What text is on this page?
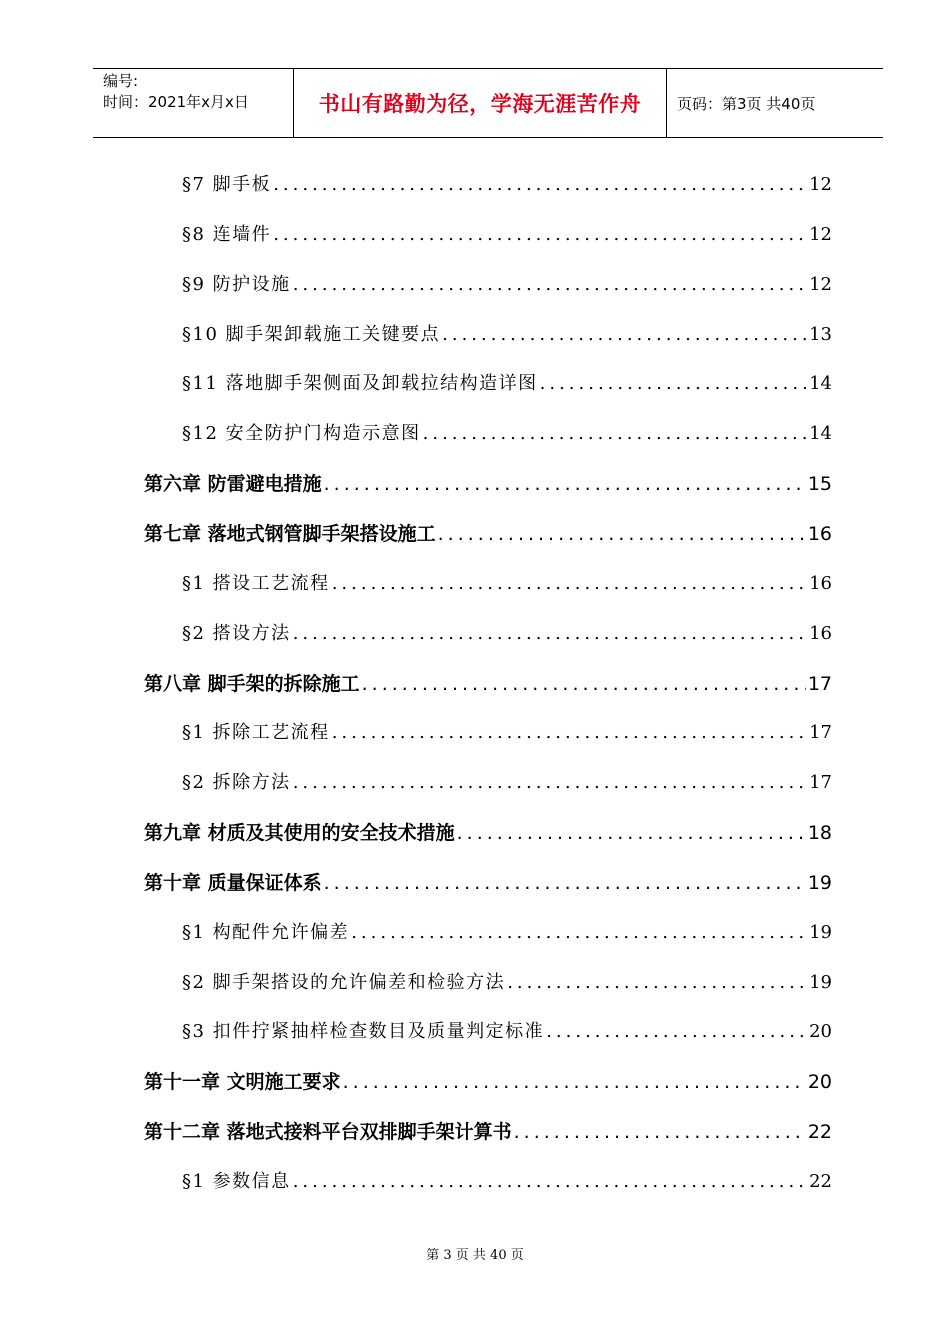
编号:
时间：2021年x月x日	书山有路勤为径，学海无涯苦作舟	页码：第3页 共40页
§7 脚手板 .....	12
§8 连墙件 .....	12
§9 防护设施 .....	12
§10 脚手架卸载施工关键要点 .....	13
§11 落地脚手架侧面及卸载拉结构造详图 .....	14
§12 安全防护门构造示意图 .....	14
第六章 防雷避电措施 .....	15
第七章 落地式钢管脚手架搭设施工 .....	16
§1 搭设工艺流程 .....	16
§2 搭设方法 .....	16
第八章 脚手架的拆除施工 .....	17
§1 拆除工艺流程 .....	17
§2 拆除方法 .....	17
第九章 材质及其使用的安全技术措施 .....	18
第十章 质量保证体系 .....	19
§1 构配件允许偏差 .....	19
§2 脚手架搭设的允许偏差和检验方法 .....	19
§3 扣件拧紧抽样检查数目及质量判定标准 .....	20
第十一章 文明施工要求 .....	20
第十二章 落地式接料平台双排脚手架计算书 .....	22
§1 参数信息 .....	22
第 3 页 共 40 页
